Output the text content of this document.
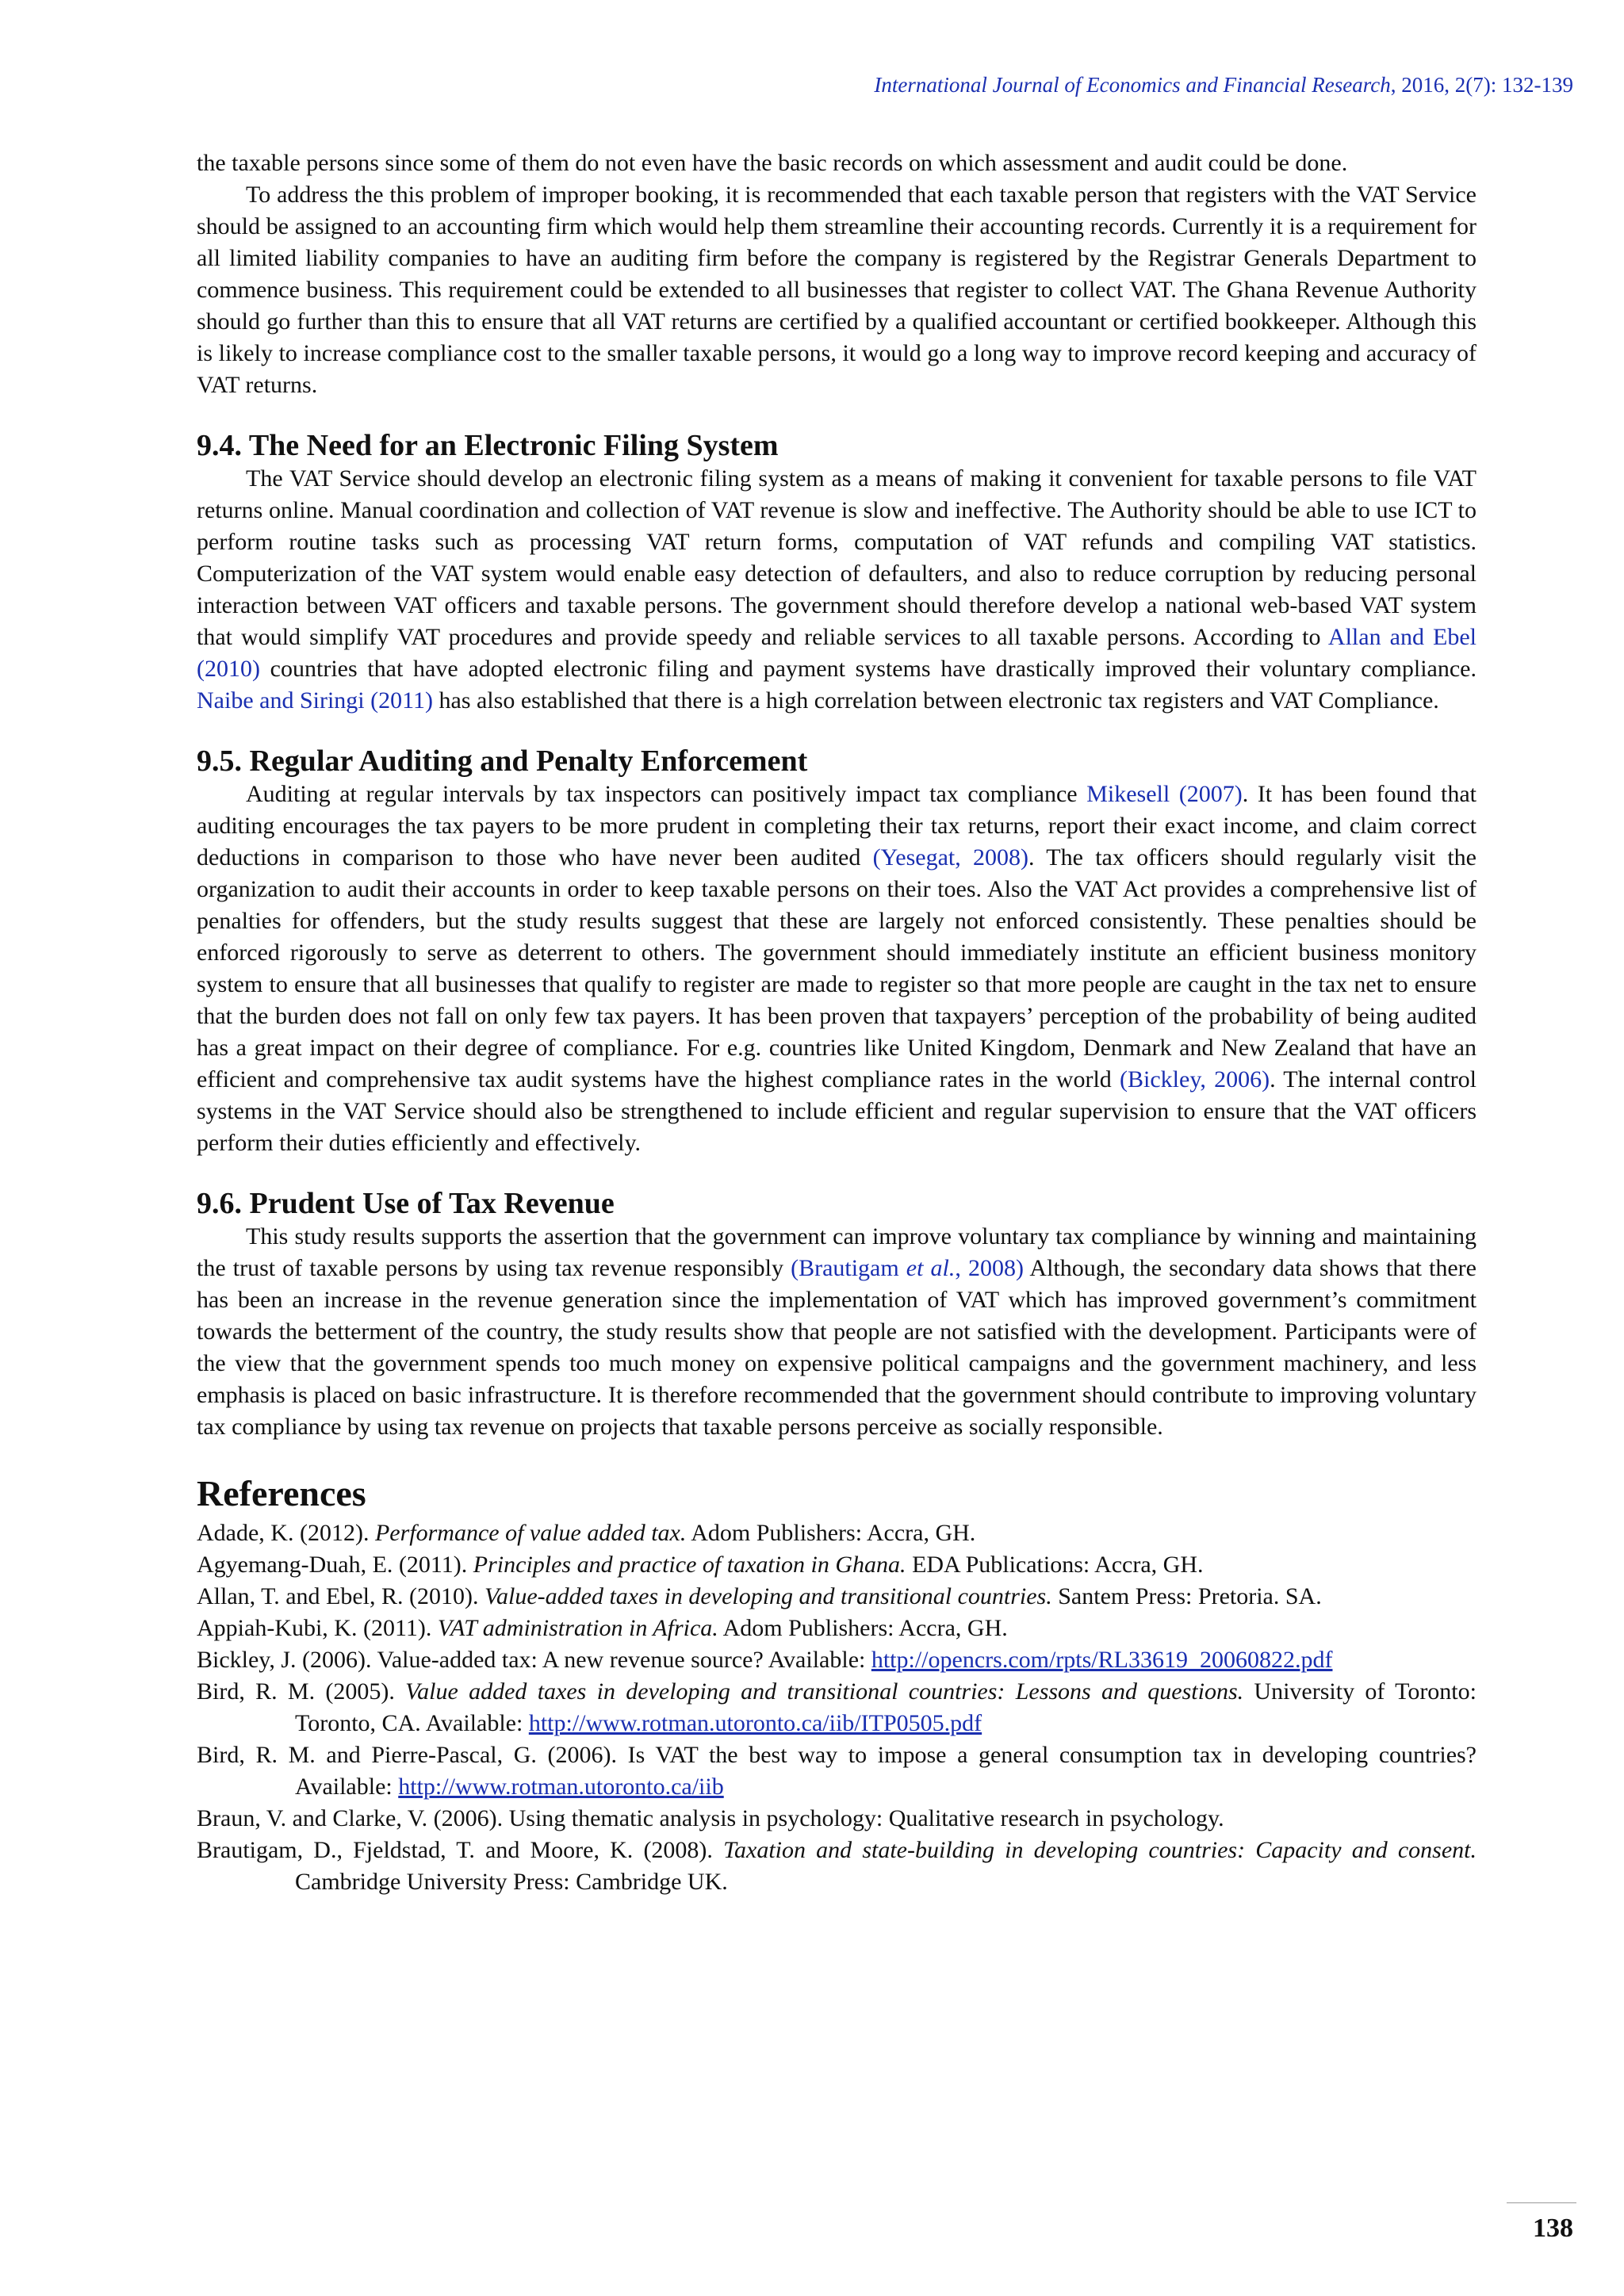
International Journal of Economics and Financial Research, 2016, 2(7): 132-139

the taxable persons since some of them do not even have the basic records on which assessment and audit could be done.

To address the this problem of improper booking, it is recommended that each taxable person that registers with the VAT Service should be assigned to an accounting firm which would help them streamline their accounting records. Currently it is a requirement for all limited liability companies to have an auditing firm before the company is registered by the Registrar Generals Department to commence business. This requirement could be extended to all businesses that register to collect VAT. The Ghana Revenue Authority should go further than this to ensure that all VAT returns are certified by a qualified accountant or certified bookkeeper. Although this is likely to increase compliance cost to the smaller taxable persons, it would go a long way to improve record keeping and accuracy of VAT returns.

9.4. The Need for an Electronic Filing System

The VAT Service should develop an electronic filing system as a means of making it convenient for taxable persons to file VAT returns online. Manual coordination and collection of VAT revenue is slow and ineffective. The Authority should be able to use ICT to perform routine tasks such as processing VAT return forms, computation of VAT refunds and compiling VAT statistics. Computerization of the VAT system would enable easy detection of defaulters, and also to reduce corruption by reducing personal interaction between VAT officers and taxable persons. The government should therefore develop a national web-based VAT system that would simplify VAT procedures and provide speedy and reliable services to all taxable persons. According to Allan and Ebel (2010) countries that have adopted electronic filing and payment systems have drastically improved their voluntary compliance. Naibe and Siringi (2011) has also established that there is a high correlation between electronic tax registers and VAT Compliance.

9.5. Regular Auditing and Penalty Enforcement

Auditing at regular intervals by tax inspectors can positively impact tax compliance Mikesell (2007). It has been found that auditing encourages the tax payers to be more prudent in completing their tax returns, report their exact income, and claim correct deductions in comparison to those who have never been audited (Yesegat, 2008). The tax officers should regularly visit the organization to audit their accounts in order to keep taxable persons on their toes. Also the VAT Act provides a comprehensive list of penalties for offenders, but the study results suggest that these are largely not enforced consistently. These penalties should be enforced rigorously to serve as deterrent to others. The government should immediately institute an efficient business monitory system to ensure that all businesses that qualify to register are made to register so that more people are caught in the tax net to ensure that the burden does not fall on only few tax payers. It has been proven that taxpayers’ perception of the probability of being audited has a great impact on their degree of compliance. For e.g. countries like United Kingdom, Denmark and New Zealand that have an efficient and comprehensive tax audit systems have the highest compliance rates in the world (Bickley, 2006). The internal control systems in the VAT Service should also be strengthened to include efficient and regular supervision to ensure that the VAT officers perform their duties efficiently and effectively.

9.6. Prudent Use of Tax Revenue

This study results supports the assertion that the government can improve voluntary tax compliance by winning and maintaining the trust of taxable persons by using tax revenue responsibly (Brautigam et al., 2008) Although, the secondary data shows that there has been an increase in the revenue generation since the implementation of VAT which has improved government’s commitment towards the betterment of the country, the study results show that people are not satisfied with the development. Participants were of the view that the government spends too much money on expensive political campaigns and the government machinery, and less emphasis is placed on basic infrastructure. It is therefore recommended that the government should contribute to improving voluntary tax compliance by using tax revenue on projects that taxable persons perceive as socially responsible.

References

Adade, K. (2012). Performance of value added tax. Adom Publishers: Accra, GH.

Agyemang-Duah, E. (2011). Principles and practice of taxation in Ghana. EDA Publications: Accra, GH.

Allan, T. and Ebel, R. (2010). Value-added taxes in developing and transitional countries. Santem Press: Pretoria. SA.

Appiah-Kubi, K. (2011). VAT administration in Africa. Adom Publishers: Accra, GH.

Bickley, J. (2006). Value-added tax: A new revenue source? Available: http://opencrs.com/rpts/RL33619_20060822.pdf

Bird, R. M. (2005). Value added taxes in developing and transitional countries: Lessons and questions. University of Toronto: Toronto, CA. Available: http://www.rotman.utoronto.ca/iib/ITP0505.pdf

Bird, R. M. and Pierre-Pascal, G. (2006). Is VAT the best way to impose a general consumption tax in developing countries? Available: http://www.rotman.utoronto.ca/iib

Braun, V. and Clarke, V. (2006). Using thematic analysis in psychology: Qualitative research in psychology.

Brautigam, D., Fjeldstad, T. and Moore, K. (2008). Taxation and state-building in developing countries: Capacity and consent. Cambridge University Press: Cambridge UK.

138
